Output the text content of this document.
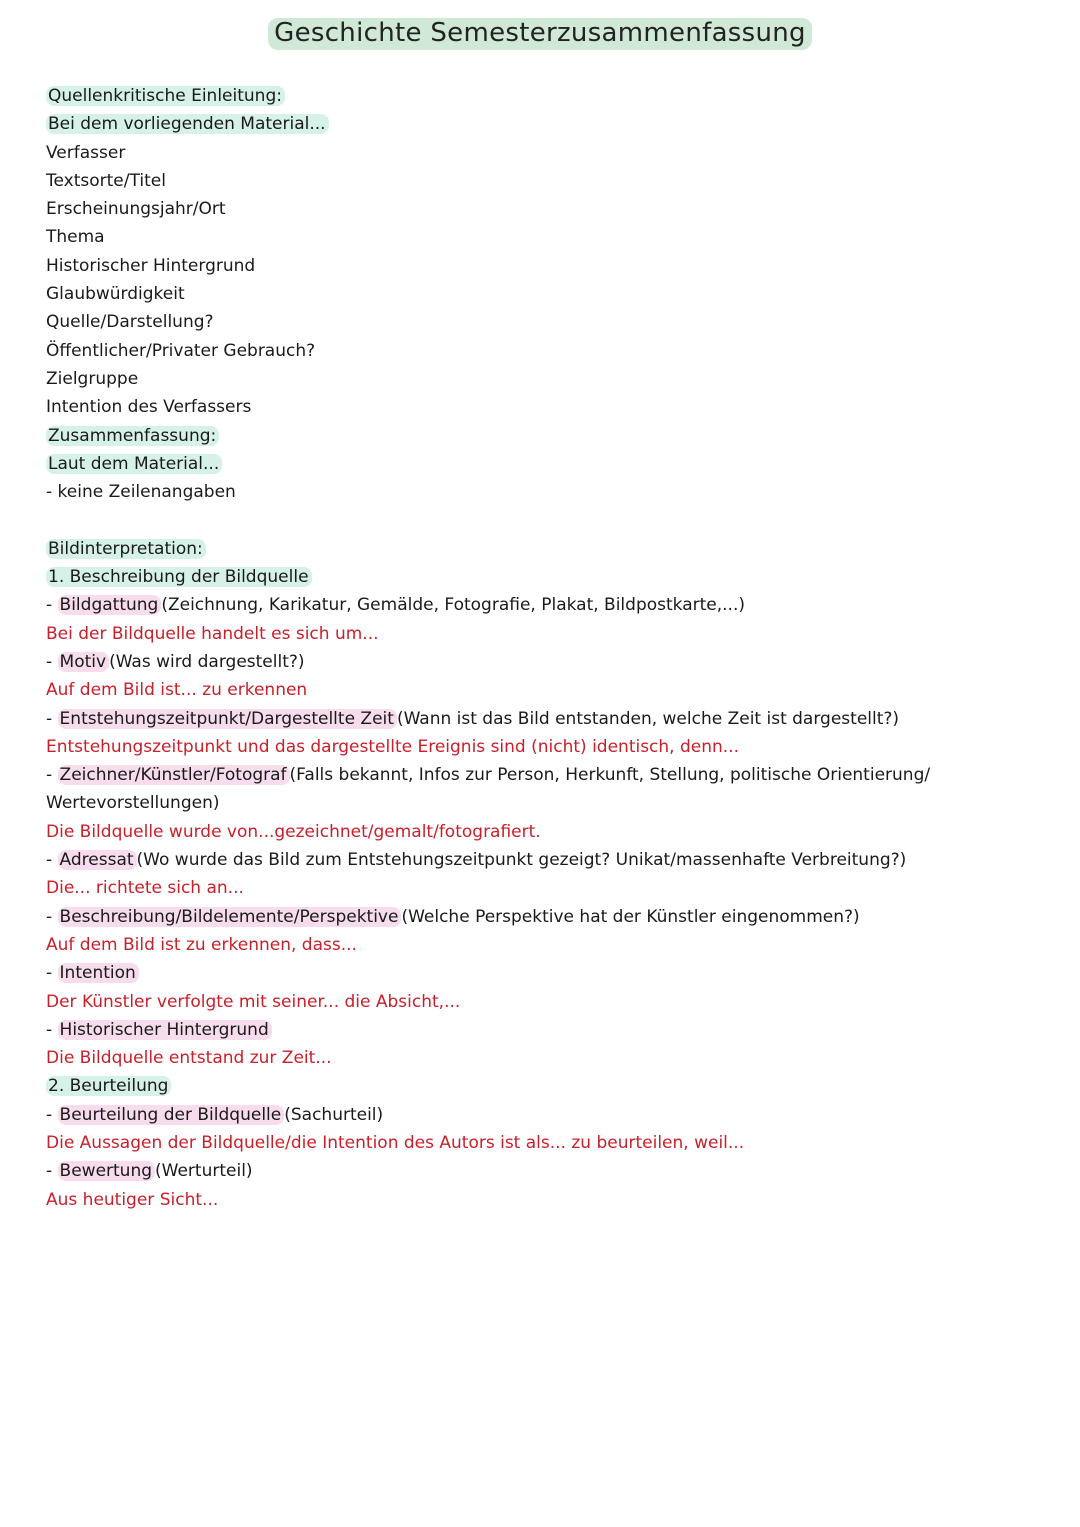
Geschichte Semesterzusammenfassung
Quellenkritische Einleitung:
Bei dem vorliegenden Material...
Verfasser
Textsorte/Titel
Erscheinungsjahr/Ort
Thema
Historischer Hintergrund
Glaubwürdigkeit
Quelle/Darstellung?
Öffentlicher/Privater Gebrauch?
Zielgruppe
Intention des Verfassers
Zusammenfassung:
Laut dem Material...
- keine Zeilenangaben
Bildinterpretation:
1. Beschreibung der Bildquelle
- Bildgattung (Zeichnung, Karikatur, Gemälde, Fotografie, Plakat, Bildpostkarte,...)
Bei der Bildquelle handelt es sich um...
- Motiv (Was wird dargestellt?)
Auf dem Bild ist... zu erkennen
- Entstehungszeitpunkt/Dargestellte Zeit (Wann ist das Bild entstanden, welche Zeit ist dargestellt?)
Entstehungszeitpunkt und das dargestellte Ereignis sind (nicht) identisch, denn...
- Zeichner/Künstler/Fotograf (Falls bekannt, Infos zur Person, Herkunft, Stellung, politische Orientierung/ Wertevorstellungen)
Die Bildquelle wurde von...gezeichnet/gemalt/fotografiert.
- Adressat (Wo wurde das Bild zum Entstehungszeitpunkt gezeigt? Unikat/massenhafte Verbreitung?)
Die... richtete sich an...
- Beschreibung/Bildelemente/Perspektive (Welche Perspektive hat der Künstler eingenommen?)
Auf dem Bild ist zu erkennen, dass...
- Intention
Der Künstler verfolgte mit seiner... die Absicht,...
- Historischer Hintergrund
Die Bildquelle entstand zur Zeit...
2. Beurteilung
- Beurteilung der Bildquelle (Sachurteil)
Die Aussagen der Bildquelle/die Intention des Autors ist als... zu beurteilen, weil...
- Bewertung (Werturteil)
Aus heutiger Sicht...
